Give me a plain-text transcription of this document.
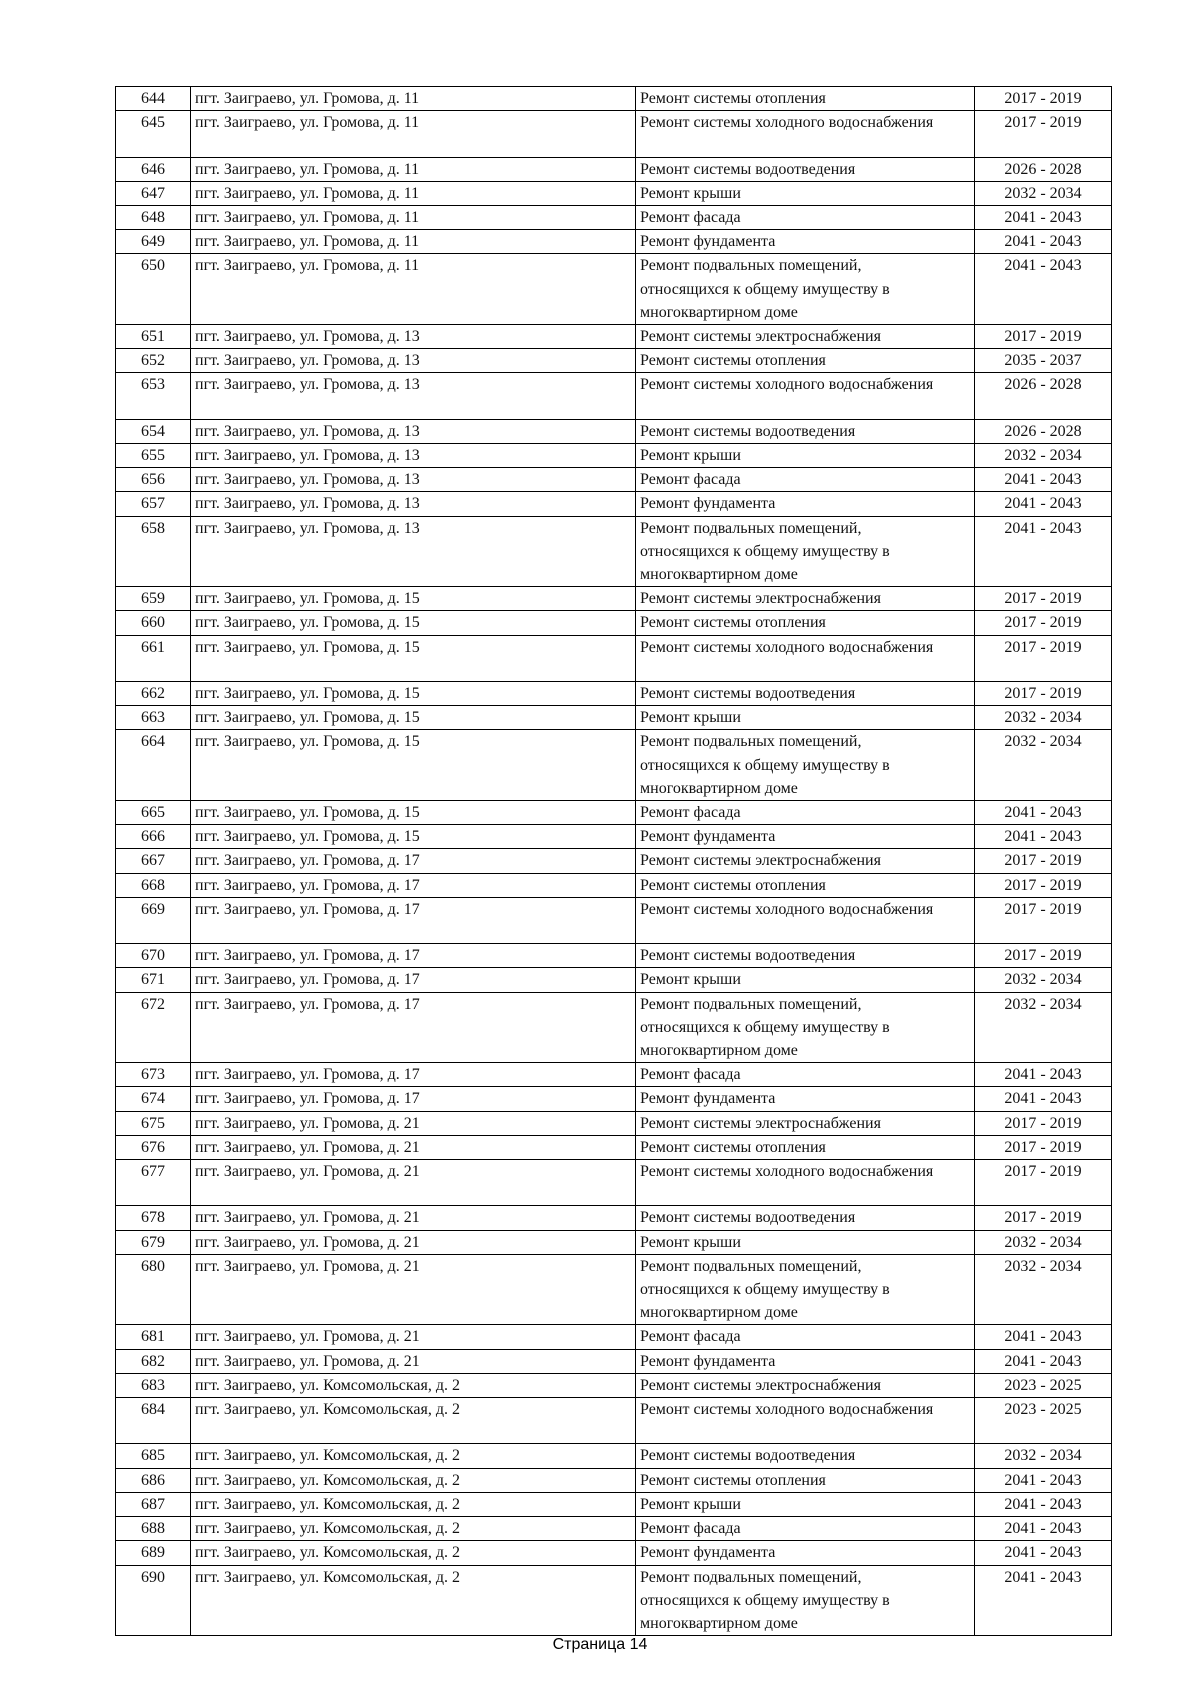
644	пгт. Заиграево, ул. Громова, д. 11	Ремонт системы отопления	2017 - 2019
645	пгт. Заиграево, ул. Громова, д. 11	Ремонт системы холодного водоснабжения	2017 - 2019
646	пгт. Заиграево, ул. Громова, д. 11	Ремонт системы водоотведения	2026 - 2028
647	пгт. Заиграево, ул. Громова, д. 11	Ремонт крыши	2032 - 2034
648	пгт. Заиграево, ул. Громова, д. 11	Ремонт фасада	2041 - 2043
649	пгт. Заиграево, ул. Громова, д. 11	Ремонт фундамента	2041 - 2043
650	пгт. Заиграево, ул. Громова, д. 11	Ремонт подвальных помещений,
относящихся к общему имуществу в
многоквартирном доме	2041 - 2043
651	пгт. Заиграево, ул. Громова, д. 13	Ремонт системы электроснабжения	2017 - 2019
652	пгт. Заиграево, ул. Громова, д. 13	Ремонт системы отопления	2035 - 2037
653	пгт. Заиграево, ул. Громова, д. 13	Ремонт системы холодного водоснабжения	2026 - 2028
654	пгт. Заиграево, ул. Громова, д. 13	Ремонт системы водоотведения	2026 - 2028
655	пгт. Заиграево, ул. Громова, д. 13	Ремонт крыши	2032 - 2034
656	пгт. Заиграево, ул. Громова, д. 13	Ремонт фасада	2041 - 2043
657	пгт. Заиграево, ул. Громова, д. 13	Ремонт фундамента	2041 - 2043
658	пгт. Заиграево, ул. Громова, д. 13	Ремонт подвальных помещений,
относящихся к общему имуществу в
многоквартирном доме	2041 - 2043
659	пгт. Заиграево, ул. Громова, д. 15	Ремонт системы электроснабжения	2017 - 2019
660	пгт. Заиграево, ул. Громова, д. 15	Ремонт системы отопления	2017 - 2019
661	пгт. Заиграево, ул. Громова, д. 15	Ремонт системы холодного водоснабжения	2017 - 2019
662	пгт. Заиграево, ул. Громова, д. 15	Ремонт системы водоотведения	2017 - 2019
663	пгт. Заиграево, ул. Громова, д. 15	Ремонт крыши	2032 - 2034
664	пгт. Заиграево, ул. Громова, д. 15	Ремонт подвальных помещений,
относящихся к общему имуществу в
многоквартирном доме	2032 - 2034
665	пгт. Заиграево, ул. Громова, д. 15	Ремонт фасада	2041 - 2043
666	пгт. Заиграево, ул. Громова, д. 15	Ремонт фундамента	2041 - 2043
667	пгт. Заиграево, ул. Громова, д. 17	Ремонт системы электроснабжения	2017 - 2019
668	пгт. Заиграево, ул. Громова, д. 17	Ремонт системы отопления	2017 - 2019
669	пгт. Заиграево, ул. Громова, д. 17	Ремонт системы холодного водоснабжения	2017 - 2019
670	пгт. Заиграево, ул. Громова, д. 17	Ремонт системы водоотведения	2017 - 2019
671	пгт. Заиграево, ул. Громова, д. 17	Ремонт крыши	2032 - 2034
672	пгт. Заиграево, ул. Громова, д. 17	Ремонт подвальных помещений,
относящихся к общему имуществу в
многоквартирном доме	2032 - 2034
673	пгт. Заиграево, ул. Громова, д. 17	Ремонт фасада	2041 - 2043
674	пгт. Заиграево, ул. Громова, д. 17	Ремонт фундамента	2041 - 2043
675	пгт. Заиграево, ул. Громова, д. 21	Ремонт системы электроснабжения	2017 - 2019
676	пгт. Заиграево, ул. Громова, д. 21	Ремонт системы отопления	2017 - 2019
677	пгт. Заиграево, ул. Громова, д. 21	Ремонт системы холодного водоснабжения	2017 - 2019
678	пгт. Заиграево, ул. Громова, д. 21	Ремонт системы водоотведения	2017 - 2019
679	пгт. Заиграево, ул. Громова, д. 21	Ремонт крыши	2032 - 2034
680	пгт. Заиграево, ул. Громова, д. 21	Ремонт подвальных помещений,
относящихся к общему имуществу в
многоквартирном доме	2032 - 2034
681	пгт. Заиграево, ул. Громова, д. 21	Ремонт фасада	2041 - 2043
682	пгт. Заиграево, ул. Громова, д. 21	Ремонт фундамента	2041 - 2043
683	пгт. Заиграево, ул. Комсомольская, д. 2	Ремонт системы электроснабжения	2023 - 2025
684	пгт. Заиграево, ул. Комсомольская, д. 2	Ремонт системы холодного водоснабжения	2023 - 2025
685	пгт. Заиграево, ул. Комсомольская, д. 2	Ремонт системы водоотведения	2032 - 2034
686	пгт. Заиграево, ул. Комсомольская, д. 2	Ремонт системы отопления	2041 - 2043
687	пгт. Заиграево, ул. Комсомольская, д. 2	Ремонт крыши	2041 - 2043
688	пгт. Заиграево, ул. Комсомольская, д. 2	Ремонт фасада	2041 - 2043
689	пгт. Заиграево, ул. Комсомольская, д. 2	Ремонт фундамента	2041 - 2043
690	пгт. Заиграево, ул. Комсомольская, д. 2	Ремонт подвальных помещений,
относящихся к общему имуществу в
многоквартирном доме	2041 - 2043
Страница 14
